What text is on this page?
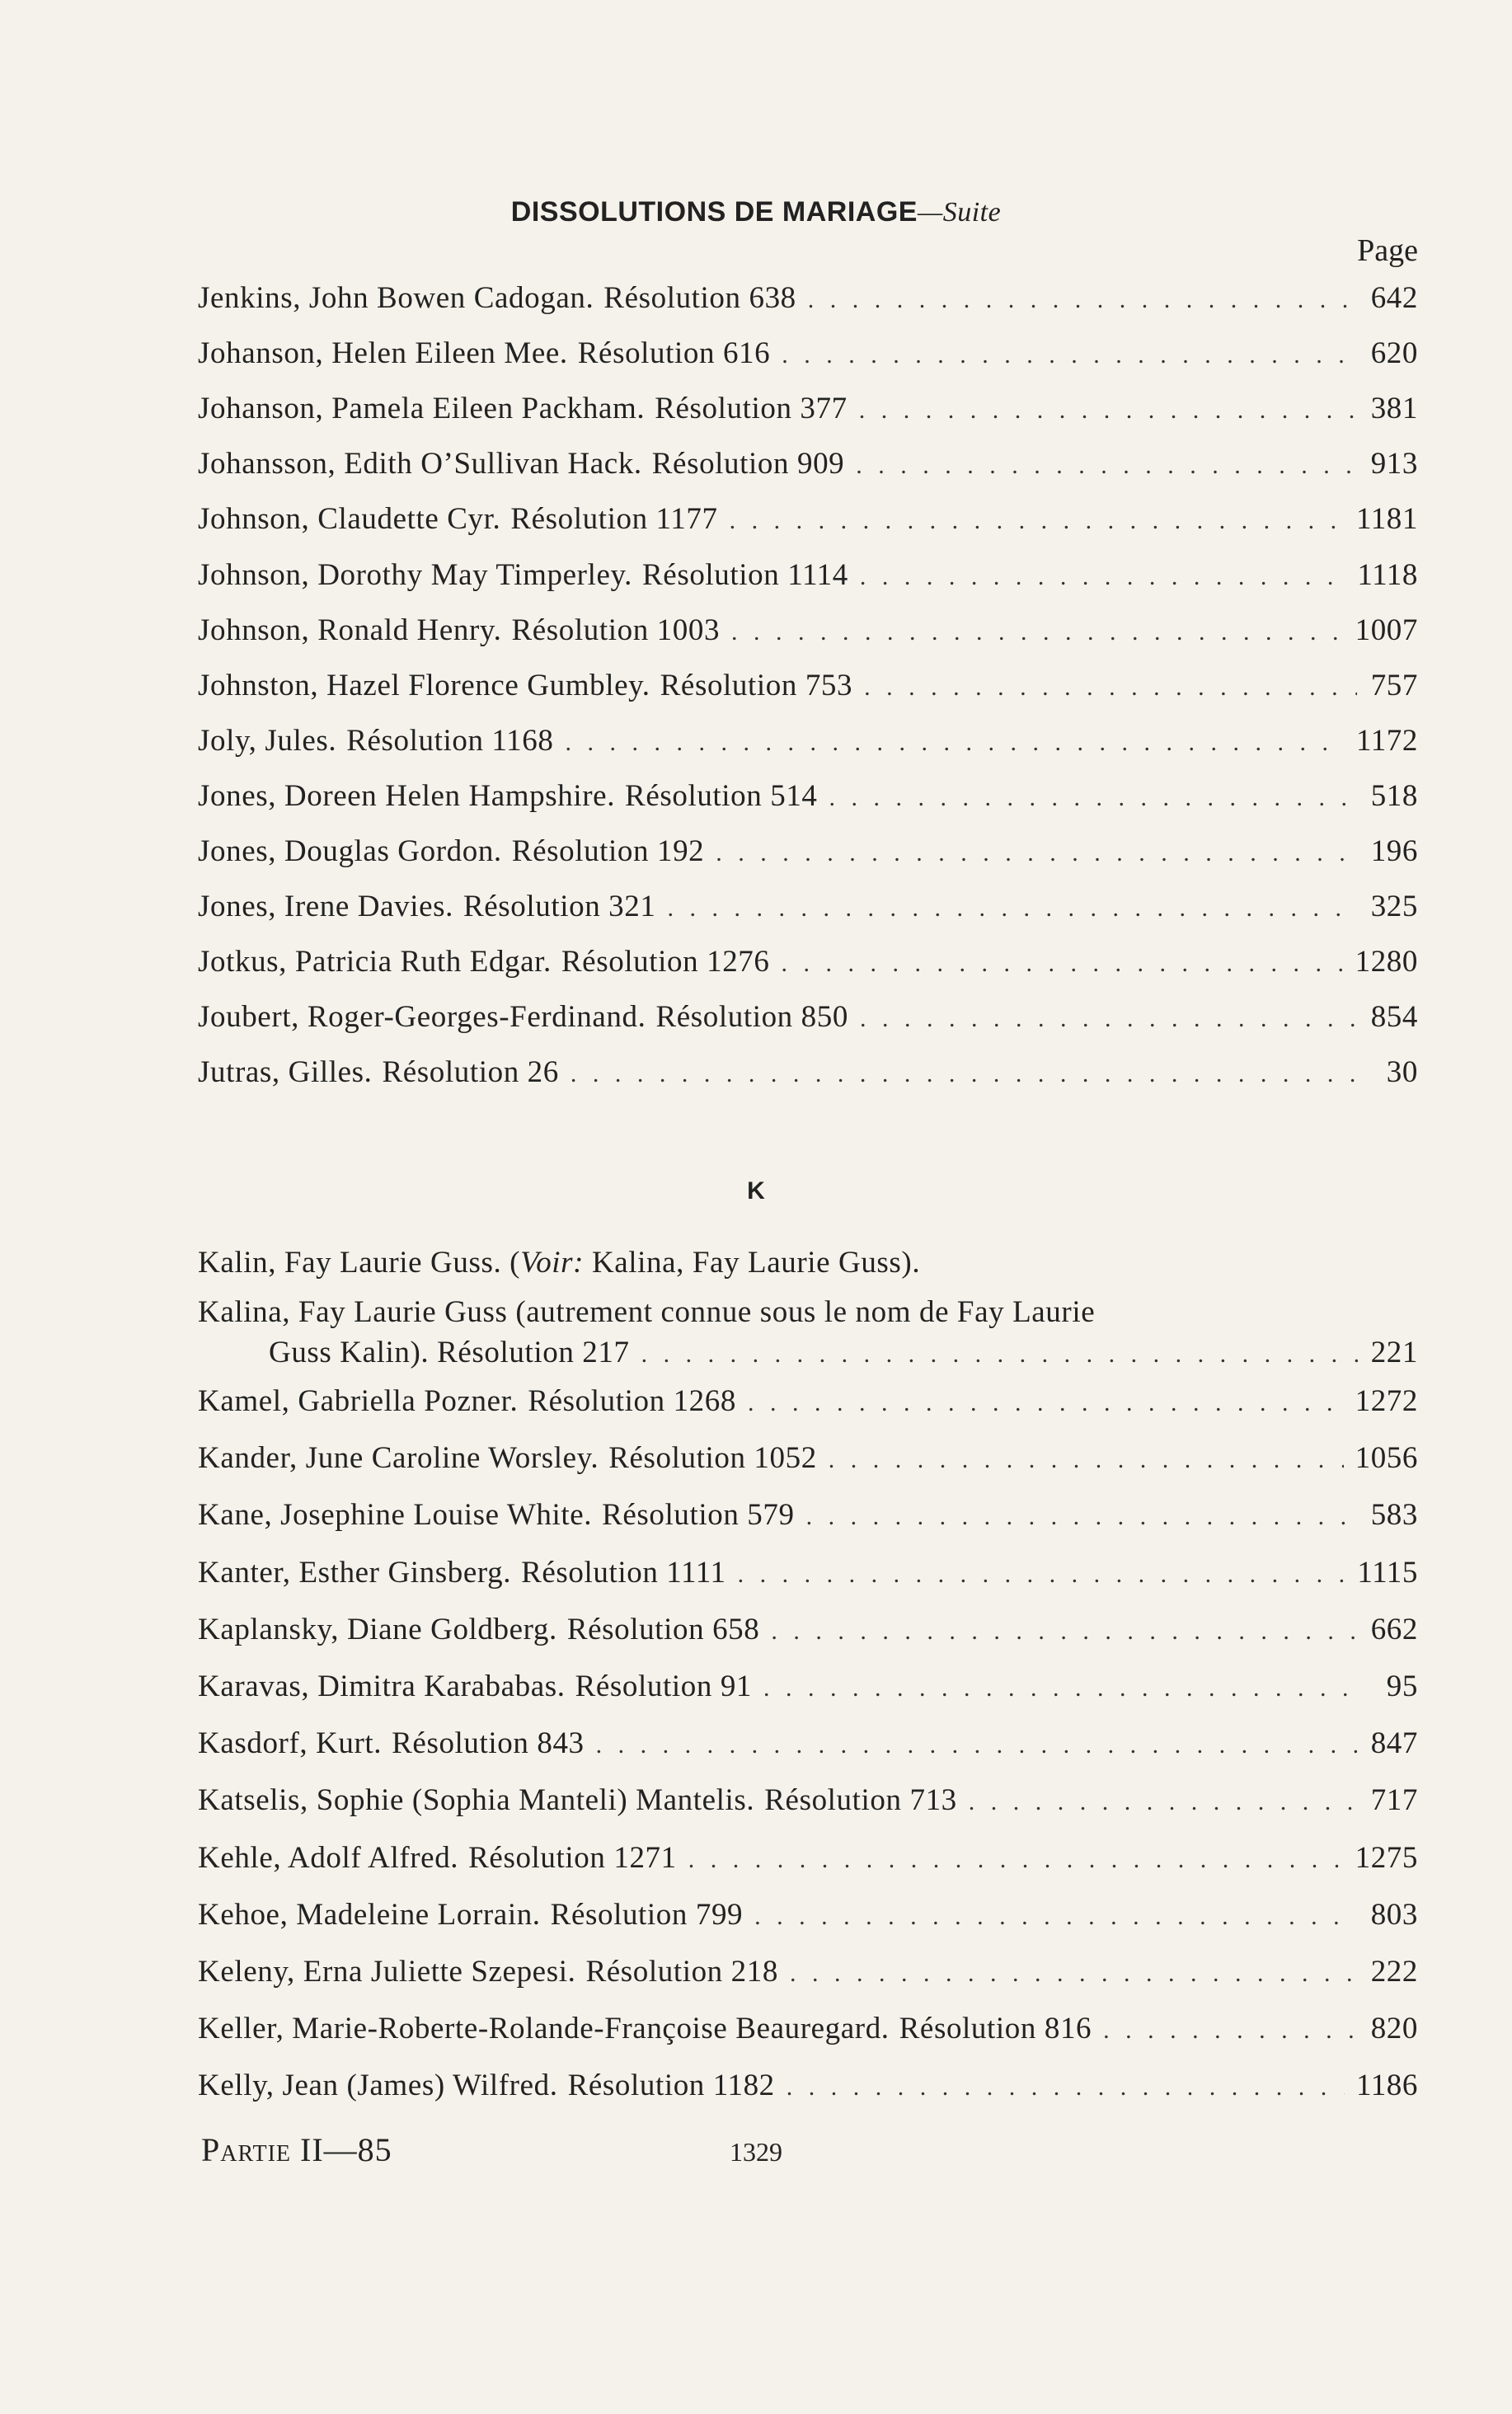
DISSOLUTIONS DE MARIAGE—Suite
Page
Jenkins, John Bowen Cadogan. Résolution 638 . . .	642
Johanson, Helen Eileen Mee. Résolution 616 . . .	620
Johanson, Pamela Eileen Packham. Résolution 377 . . .	381
Johansson, Edith O’Sullivan Hack. Résolution 909 . . .	913
Johnson, Claudette Cyr. Résolution 1177 . . .	1181
Johnson, Dorothy May Timperley. Résolution 1114 . . .	1118
Johnson, Ronald Henry. Résolution 1003 . . .	1007
Johnston, Hazel Florence Gumbley. Résolution 753 . . .	757
Joly, Jules. Résolution 1168 . . .	1172
Jones, Doreen Helen Hampshire. Résolution 514 . . .	518
Jones, Douglas Gordon. Résolution 192 . . .	196
Jones, Irene Davies. Résolution 321 . . .	325
Jotkus, Patricia Ruth Edgar. Résolution 1276 . . .	1280
Joubert, Roger-Georges-Ferdinand. Résolution 850 . . .	854
Jutras, Gilles. Résolution 26 . . .	30
K
Kalin, Fay Laurie Guss. (Voir: Kalina, Fay Laurie Guss).
Kalina, Fay Laurie Guss (autrement connue sous le nom de Fay Laurie
Guss Kalin). Résolution 217 . . .	221
Kamel, Gabriella Pozner. Résolution 1268 . . .	1272
Kander, June Caroline Worsley. Résolution 1052 . . .	1056
Kane, Josephine Louise White. Résolution 579 . . .	583
Kanter, Esther Ginsberg. Résolution 1111 . . .	1115
Kaplansky, Diane Goldberg. Résolution 658 . . .	662
Karavas, Dimitra Karababas. Résolution 91 . . .	95
Kasdorf, Kurt. Résolution 843 . . .	847
Katselis, Sophie (Sophia Manteli) Mantelis. Résolution 713 . . .	717
Kehle, Adolf Alfred. Résolution 1271 . . .	1275
Kehoe, Madeleine Lorrain. Résolution 799 . . .	803
Keleny, Erna Juliette Szepesi. Résolution 218 . . .	222
Keller, Marie-Roberte-Rolande-Françoise Beauregard. Résolution 816 . . .	820
Kelly, Jean (James) Wilfred. Résolution 1182 . . .	1186
Partie II—85	1329
